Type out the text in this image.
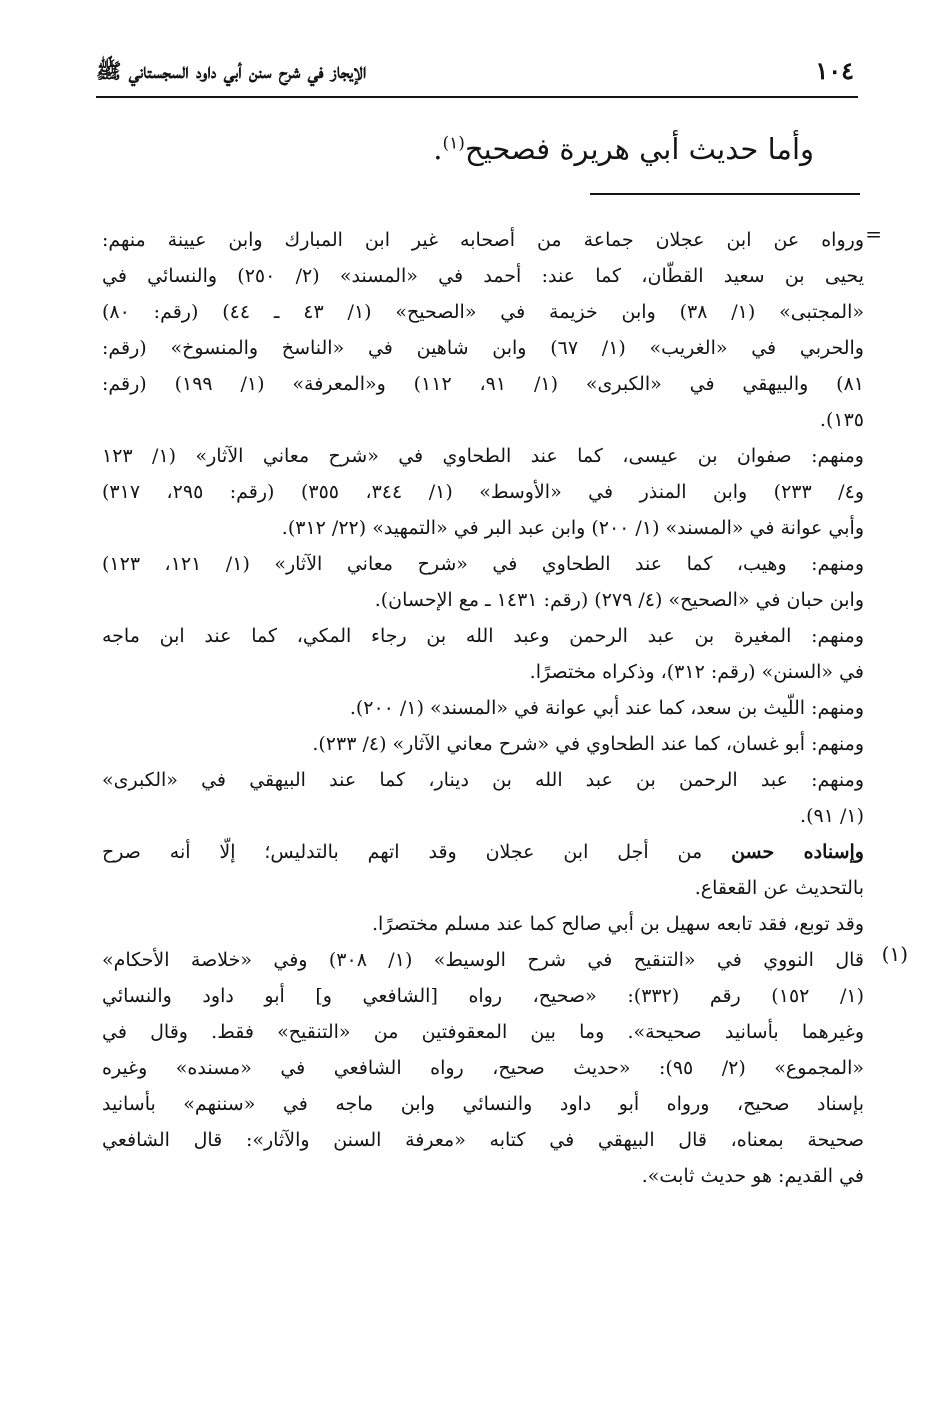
١٠٤
الإيجاز في شرح سنن أبي داود السجستاني ﷺ
وأما حديث أبي هريرة فصحيح$^{(١)}$.
=
ورواه عن ابن عجلان جماعة من أصحابه غير ابن المبارك وابن عيينة منهم:
يحيى بن سعيد القطّان، كما عند: أحمد في «المسند» (٢/ ٢٥٠) والنسائي في
«المجتبى» (١/ ٣٨) وابن خزيمة في «الصحيح» (١/ ٤٣ ـ ٤٤) (رقم: ٨٠)
والحربي في «الغريب» (١/ ٦٧) وابن شاهين في «الناسخ والمنسوخ» (رقم:
٨١) والبيهقي في «الكبرى» (١/ ٩١، ١١٢) و«المعرفة» (١/ ١٩٩) (رقم:
١٣٥).
ومنهم: صفوان بن عيسى، كما عند الطحاوي في «شرح معاني الآثار» (١/ ١٢٣
و٤/ ٢٣٣) وابن المنذر في «الأوسط» (١/ ٣٤٤، ٣٥٥) (رقم: ٢٩٥، ٣١٧)
وأبي عوانة في «المسند» (١/ ٢٠٠) وابن عبد البر في «التمهيد» (٢٢/ ٣١٢).
ومنهم: وهيب، كما عند الطحاوي في «شرح معاني الآثار» (١/ ١٢١، ١٢٣)
وابن حبان في «الصحيح» (٤/ ٢٧٩) (رقم: ١٤٣١ ـ مع الإحسان).
ومنهم: المغيرة بن عبد الرحمن وعبد الله بن رجاء المكي، كما عند ابن ماجه
في «السنن» (رقم: ٣١٢)، وذكراه مختصرًا.
ومنهم: اللّيث بن سعد، كما عند أبي عوانة في «المسند» (١/ ٢٠٠).
ومنهم: أبو غسان، كما عند الطحاوي في «شرح معاني الآثار» (٤/ ٢٣٣).
ومنهم: عبد الرحمن بن عبد الله بن دينار، كما عند البيهقي في «الكبرى»
(١/ ٩١).
وإسناده حسن من أجل ابن عجلان وقد اتهم بالتدليس؛ إلّا أنه صرح
بالتحديث عن القعقاع.
وقد توبع، فقد تابعه سهيل بن أبي صالح كما عند مسلم مختصرًا.
(١)
قال النووي في «التنقيح في شرح الوسيط» (١/ ٣٠٨) وفي «خلاصة الأحكام»
(١/ ١٥٢) رقم (٣٣٢): «صحيح، رواه [الشافعي و] أبو داود والنسائي
وغيرهما بأسانيد صحيحة». وما بين المعقوفتين من «التنقيح» فقط. وقال في
«المجموع» (٢/ ٩٥): «حديث صحيح، رواه الشافعي في «مسنده» وغيره
بإسناد صحيح، ورواه أبو داود والنسائي وابن ماجه في «سننهم» بأسانيد
صحيحة بمعناه، قال البيهقي في كتابه «معرفة السنن والآثار»: قال الشافعي
في القديم: هو حديث ثابت».
